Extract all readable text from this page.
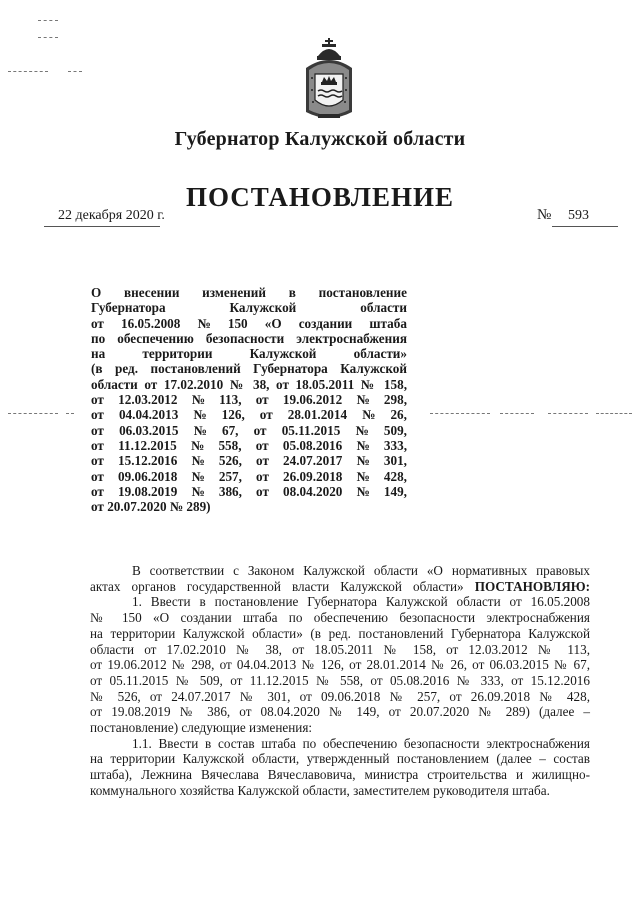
Губернатор Калужской области
ПОСТАНОВЛЕНИЕ
22 декабря 2020 г.	№ 593
О внесении изменений в постановление
Губернатора	Калужской	области
от 16.05.2008 № 150 «О создании штаба
по обеспечению безопасности электроснабжения
на	территории	Калужской	области»
(в ред. постановлений Губернатора Калужской
области от 17.02.2010 № 38, от 18.05.2011 № 158,
от 12.03.2012 № 113, от 19.06.2012 № 298,
от 04.04.2013 № 126, от 28.01.2014 № 26,
от 06.03.2015 № 67, от 05.11.2015 № 509,
от 11.12.2015 № 558, от 05.08.2016 № 333,
от 15.12.2016 № 526, от 24.07.2017 № 301,
от 09.06.2018 № 257, от 26.09.2018 № 428,
от 19.08.2019 № 386, от 08.04.2020 № 149,
от 20.07.2020 № 289)

В соответствии с Законом Калужской области «О нормативных правовых

актах органов государственной власти Калужской области» ПОСТАНОВЛЯЮ:

1. Ввести в постановление Губернатора Калужской области от 16.05.2008

№ 150 «О создании штаба по обеспечению безопасности электроснабжения

на территории Калужской области» (в ред. постановлений Губернатора Калужской

области от 17.02.2010 № 38, от 18.05.2011 № 158, от 12.03.2012 № 113,

от 19.06.2012 № 298, от 04.04.2013 № 126, от 28.01.2014 № 26, от 06.03.2015 № 67,

от 05.11.2015 № 509, от 11.12.2015 № 558, от 05.08.2016 № 333, от 15.12.2016

№ 526, от 24.07.2017 № 301, от 09.06.2018 № 257, от 26.09.2018 № 428,

от 19.08.2019 № 386, от 08.04.2020 № 149, от 20.07.2020 № 289) (далее –

постановление) следующие изменения:

1.1. Ввести в состав штаба по обеспечению безопасности электроснабжения

на территории Калужской области, утвержденный постановлением (далее – состав

штаба), Лежнина Вячеслава Вячеславовича, министра строительства и жилищно-

коммунального хозяйства Калужской области, заместителем руководителя штаба.
